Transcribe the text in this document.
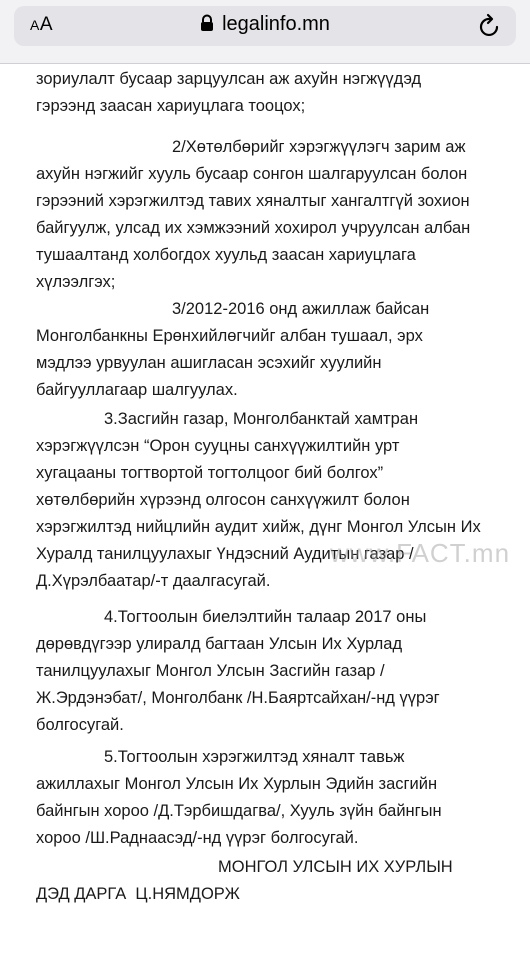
AA	legalinfo.mn
зориулалт бусаар зарцуулсан аж ахуйн нэгжүүдэд
гэрээнд заасан хариуцлага тооцох;
2/Хөтөлбөрийг хэрэгжүүлэгч зарим аж
ахуйн нэгжийг хууль бусаар сонгон шалгаруулсан болон
гэрээний хэрэгжилтэд тавих хяналтыг хангалтгүй зохион
байгуулж, улсад их хэмжээний хохирол учруулсан албан
тушаалтанд холбогдох хуульд заасан хариуцлага
хүлээлгэх;
3/2012-2016 онд ажиллаж байсан
Монголбанкны Ерөнхийлөгчийг албан тушаал, эрх
мэдлээ урвуулан ашигласан эсэхийг хуулийн
байгууллагаар шалгуулах.
3.Засгийн газар, Монголбанктай хамтран
хэрэгжүүлсэн “Орон сууцны санхүүжилтийн урт
хугацааны тогтвортой тогтолцоог бий болгох”
хөтөлбөрийн хүрээнд олгосон санхүүжилт болон
хэрэгжилтэд нийцлийн аудит хийж, дүнг Монгол Улсын Их
Хуралд танилцуулахыг Үндэсний Аудитын газар /
Д.Хүрэлбаатар/-т даалгасугай.
4.Тогтоолын биелэлтийн талаар 2017 оны
дөрөвдүгээр улиралд багтаан Улсын Их Хурлад
танилцуулахыг Монгол Улсын Засгийн газар /
Ж.Эрдэнэбат/, Монголбанк /Н.Баяртсайхан/-нд үүрэг
болгосугай.
5.Тогтоолын хэрэгжилтэд хяналт тавьж
ажиллахыг Монгол Улсын Их Хурлын Эдийн засгийн
байнгын хороо /Д.Тэрбишдагва/, Хууль зүйн байнгын
хороо /Ш.Раднаасэд/-нд үүрэг болгосугай.
МОНГОЛ УЛСЫН ИХ ХУРЛЫН
ДЭД ДАРГА  Ц.НЯМДОРЖ
www.FACT.mn
